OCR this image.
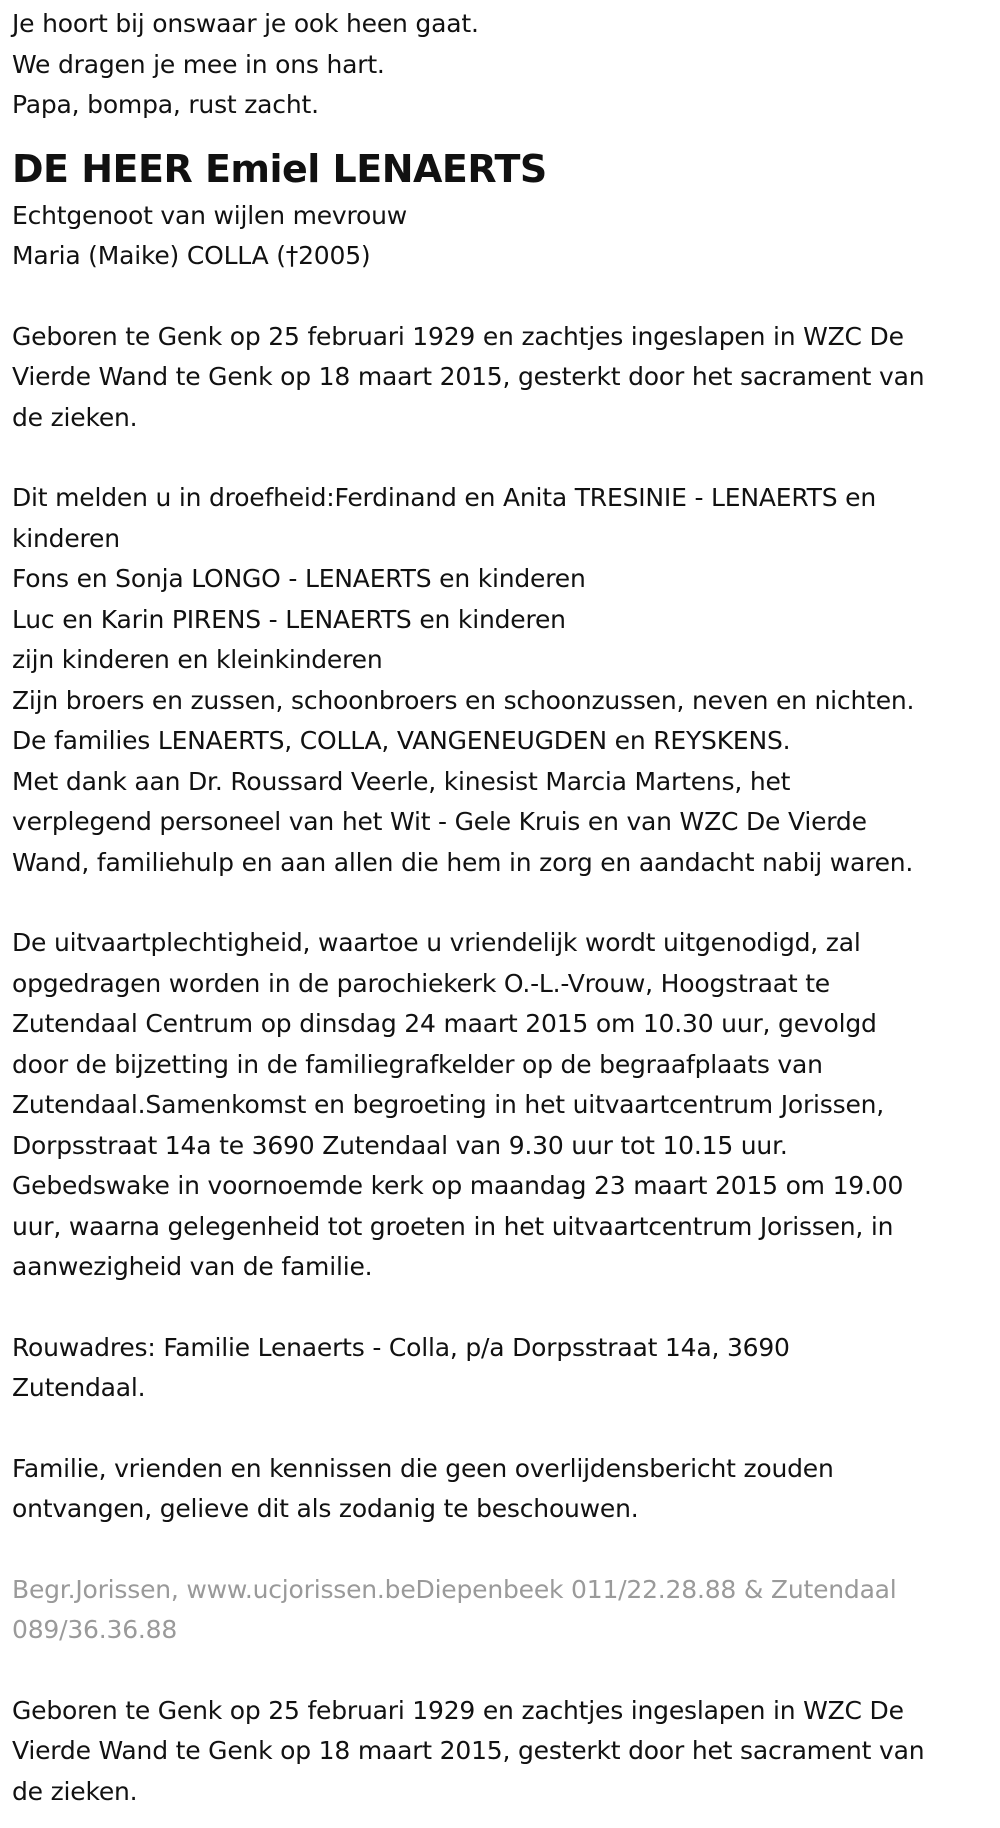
Je hoort bij onswaar je ook heen gaat.
We dragen je mee in ons hart.
Papa, bompa, rust zacht.
DE HEER Emiel LENAERTS
Echtgenoot van wijlen mevrouw
Maria (Maike) COLLA (†2005)
Geboren te Genk op 25 februari 1929 en zachtjes ingeslapen in WZC De
Vierde Wand te Genk op 18 maart 2015, gesterkt door het sacrament van
de zieken.
Dit melden u in droefheid:Ferdinand en Anita TRESINIE - LENAERTS en
kinderen
Fons en Sonja LONGO - LENAERTS en kinderen
Luc en Karin PIRENS - LENAERTS en kinderen
zijn kinderen en kleinkinderen
Zijn broers en zussen, schoonbroers en schoonzussen, neven en nichten.
De families LENAERTS, COLLA, VANGENEUGDEN en REYSKENS.
Met dank aan Dr. Roussard Veerle, kinesist Marcia Martens, het
verplegend personeel van het Wit - Gele Kruis en van WZC De Vierde
Wand, familiehulp en aan allen die hem in zorg en aandacht nabij waren.
De uitvaartplechtigheid, waartoe u vriendelijk wordt uitgenodigd, zal
opgedragen worden in de parochiekerk O.-L.-Vrouw, Hoogstraat te
Zutendaal Centrum op dinsdag 24 maart 2015 om 10.30 uur, gevolgd
door de bijzetting in de familiegrafkelder op de begraafplaats van
Zutendaal.Samenkomst en begroeting in het uitvaartcentrum Jorissen,
Dorpsstraat 14a te 3690 Zutendaal van 9.30 uur tot 10.15 uur.
Gebedswake in voornoemde kerk op maandag 23 maart 2015 om 19.00
uur, waarna gelegenheid tot groeten in het uitvaartcentrum Jorissen, in
aanwezigheid van de familie.
Rouwadres: Familie Lenaerts - Colla, p/a Dorpsstraat 14a, 3690
Zutendaal.
Familie, vrienden en kennissen die geen overlijdensbericht zouden
ontvangen, gelieve dit als zodanig te beschouwen.
Begr.Jorissen, www.ucjorissen.beDiepenbeek 011/22.28.88 & Zutendaal
089/36.36.88
Geboren te Genk op 25 februari 1929 en zachtjes ingeslapen in WZC De
Vierde Wand te Genk op 18 maart 2015, gesterkt door het sacrament van
de zieken.
